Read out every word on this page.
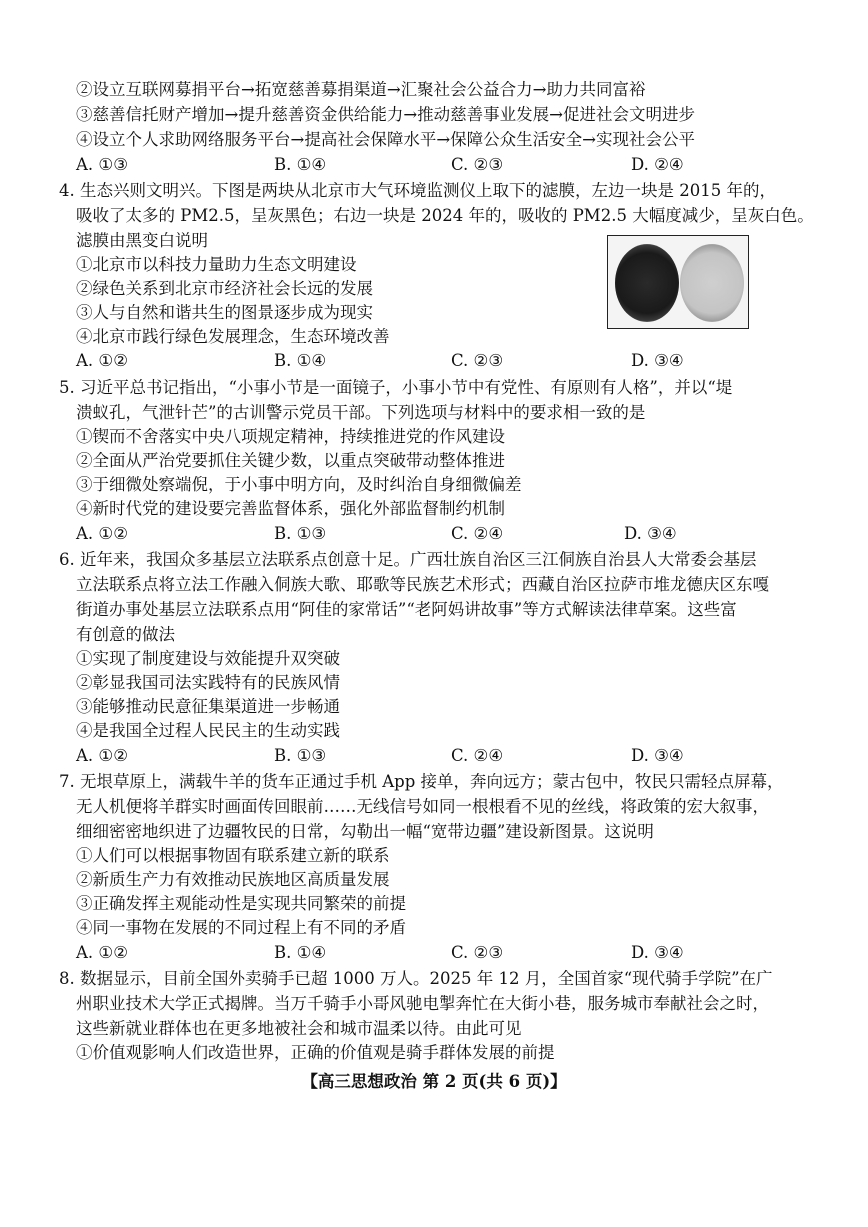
②设立互联网募捐平台→拓宽慈善募捐渠道→汇聚社会公益合力→助力共同富裕
③慈善信托财产增加→提升慈善资金供给能力→推动慈善事业发展→促进社会文明进步
④设立个人求助网络服务平台→提高社会保障水平→保障公众生活安全→实现社会公平
A. ①③	B. ①④	C. ②③	D. ②④
4. 生态兴则文明兴。下图是两块从北京市大气环境监测仪上取下的滤膜，左边一块是 2015 年的，
吸收了太多的 PM2.5，呈灰黑色；右边一块是 2024 年的，吸收的 PM2.5 大幅度减少，呈灰白色。
滤膜由黑变白说明
①北京市以科技力量助力生态文明建设
②绿色关系到北京市经济社会长远的发展
③人与自然和谐共生的图景逐步成为现实
④北京市践行绿色发展理念，生态环境改善
A. ①②	B. ①④	C. ②③	D. ③④
5. 习近平总书记指出，“小事小节是一面镜子，小事小节中有党性、有原则有人格”，并以“堤
溃蚁孔，气泄针芒”的古训警示党员干部。下列选项与材料中的要求相一致的是
①锲而不舍落实中央八项规定精神，持续推进党的作风建设
②全面从严治党要抓住关键少数，以重点突破带动整体推进
③于细微处察端倪，于小事中明方向，及时纠治自身细微偏差
④新时代党的建设要完善监督体系，强化外部监督制约机制
A. ①②	B. ①③	C. ②④	D. ③④
6. 近年来，我国众多基层立法联系点创意十足。广西壮族自治区三江侗族自治县人大常委会基层
立法联系点将立法工作融入侗族大歌、耶歌等民族艺术形式；西藏自治区拉萨市堆龙德庆区东嘎
街道办事处基层立法联系点用“阿佳的家常话”“老阿妈讲故事”等方式解读法律草案。这些富
有创意的做法
①实现了制度建设与效能提升双突破
②彰显我国司法实践特有的民族风情
③能够推动民意征集渠道进一步畅通
④是我国全过程人民民主的生动实践
A. ①②	B. ①③	C. ②④	D. ③④
7. 无垠草原上，满载牛羊的货车正通过手机 App 接单，奔向远方；蒙古包中，牧民只需轻点屏幕，
无人机便将羊群实时画面传回眼前……无线信号如同一根根看不见的丝线，将政策的宏大叙事，
细细密密地织进了边疆牧民的日常，勾勒出一幅“宽带边疆”建设新图景。这说明
①人们可以根据事物固有联系建立新的联系
②新质生产力有效推动民族地区高质量发展
③正确发挥主观能动性是实现共同繁荣的前提
④同一事物在发展的不同过程上有不同的矛盾
A. ①②	B. ①④	C. ②③	D. ③④
8. 数据显示，目前全国外卖骑手已超 1000 万人。2025 年 12 月，全国首家“现代骑手学院”在广
州职业技术大学正式揭牌。当万千骑手小哥风驰电掣奔忙在大街小巷，服务城市奉献社会之时，
这些新就业群体也在更多地被社会和城市温柔以待。由此可见
①价值观影响人们改造世界，正确的价值观是骑手群体发展的前提
【高三思想政治 第 2 页(共 6 页)】
